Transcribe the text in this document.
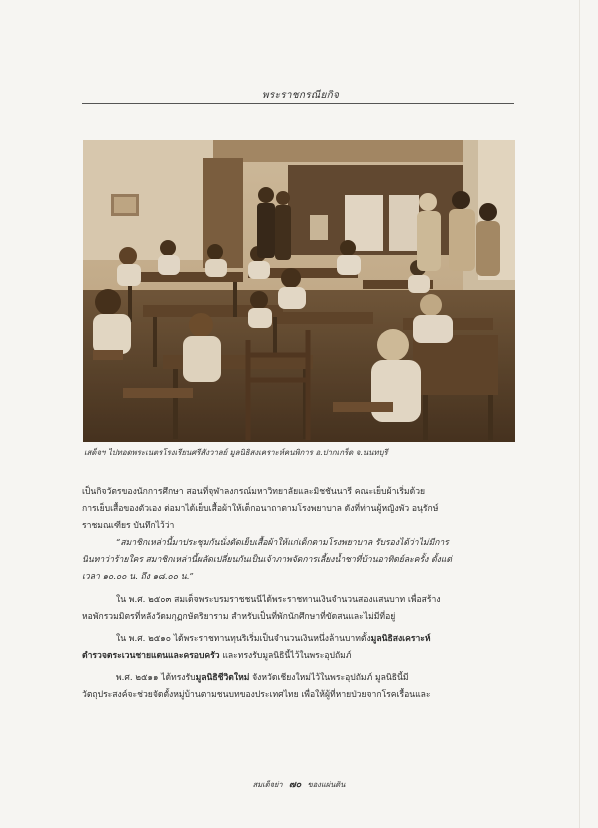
พระราชกรณียกิจ
เสด็จฯ ไปทอดพระเนตรโรงเรียนศรีสังวาลย์ มูลนิธิสงเคราะห์คนพิการ อ.ปากเกร็ด จ.นนทบุรี
เป็นกิจวัตรของนักการศึกษา สอนที่จุฬาลงกรณ์มหาวิทยาลัยและมิชชันนารี คณะเย็บผ้าเริ่มด้วย
การเย็บเสื้อของตัวเอง ต่อมาได้เย็บเสื้อผ้าให้เด็กอนาถาตามโรงพยาบาล ดังที่ท่านผู้หญิงพัว อนุรักษ์
ราชมณเฑียร บันทึกไว้ว่า
“สมาชิกเหล่านี้มาประชุมกันนั่งตัดเย็บเสื้อผ้าให้แก่เด็กตามโรงพยาบาล รับรองได้ว่าไม่มีการ
นินทาว่าร้ายใคร สมาชิกเหล่านี้ผลัดเปลี่ยนกันเป็นเจ้าภาพจัดการเลี้ยงน้ำชาที่บ้านอาทิตย์ละครั้ง ตั้งแต่
เวลา ๑๐.๐๐ น. ถึง ๑๘.๐๐ น.”
ใน พ.ศ. ๒๕๐๓ สมเด็จพระบรมราชชนนีได้พระราชทานเงินจำนวนสองแสนบาท เพื่อสร้าง
หอพักรวมมิตรที่หลังวัดมกุฏกษัตริยาราม สำหรับเป็นที่พักนักศึกษาที่ขัดสนและไม่มีที่อยู่
ใน พ.ศ. ๒๕๑๐ ได้พระราชทานทุนริเริ่มเป็นจำนวนเงินหนึ่งล้านบาทตั้งมูลนิธิสงเคราะห์
ตำรวจตระเวนชายแดนและครอบครัว และทรงรับมูลนิธินี้ไว้ในพระอุปถัมภ์
พ.ศ. ๒๕๑๑ ได้ทรงรับมูลนิธิชีวิตใหม่ จังหวัดเชียงใหม่ไว้ในพระอุปถัมภ์ มูลนิธินี้มี
วัตถุประสงค์จะช่วยจัดตั้งหมู่บ้านตามชนบทของประเทศไทย เพื่อให้ผู้ที่หายป่วยจากโรคเรื้อนและ
สมเด็จย่า ๗๐ ของแผ่นดิน
